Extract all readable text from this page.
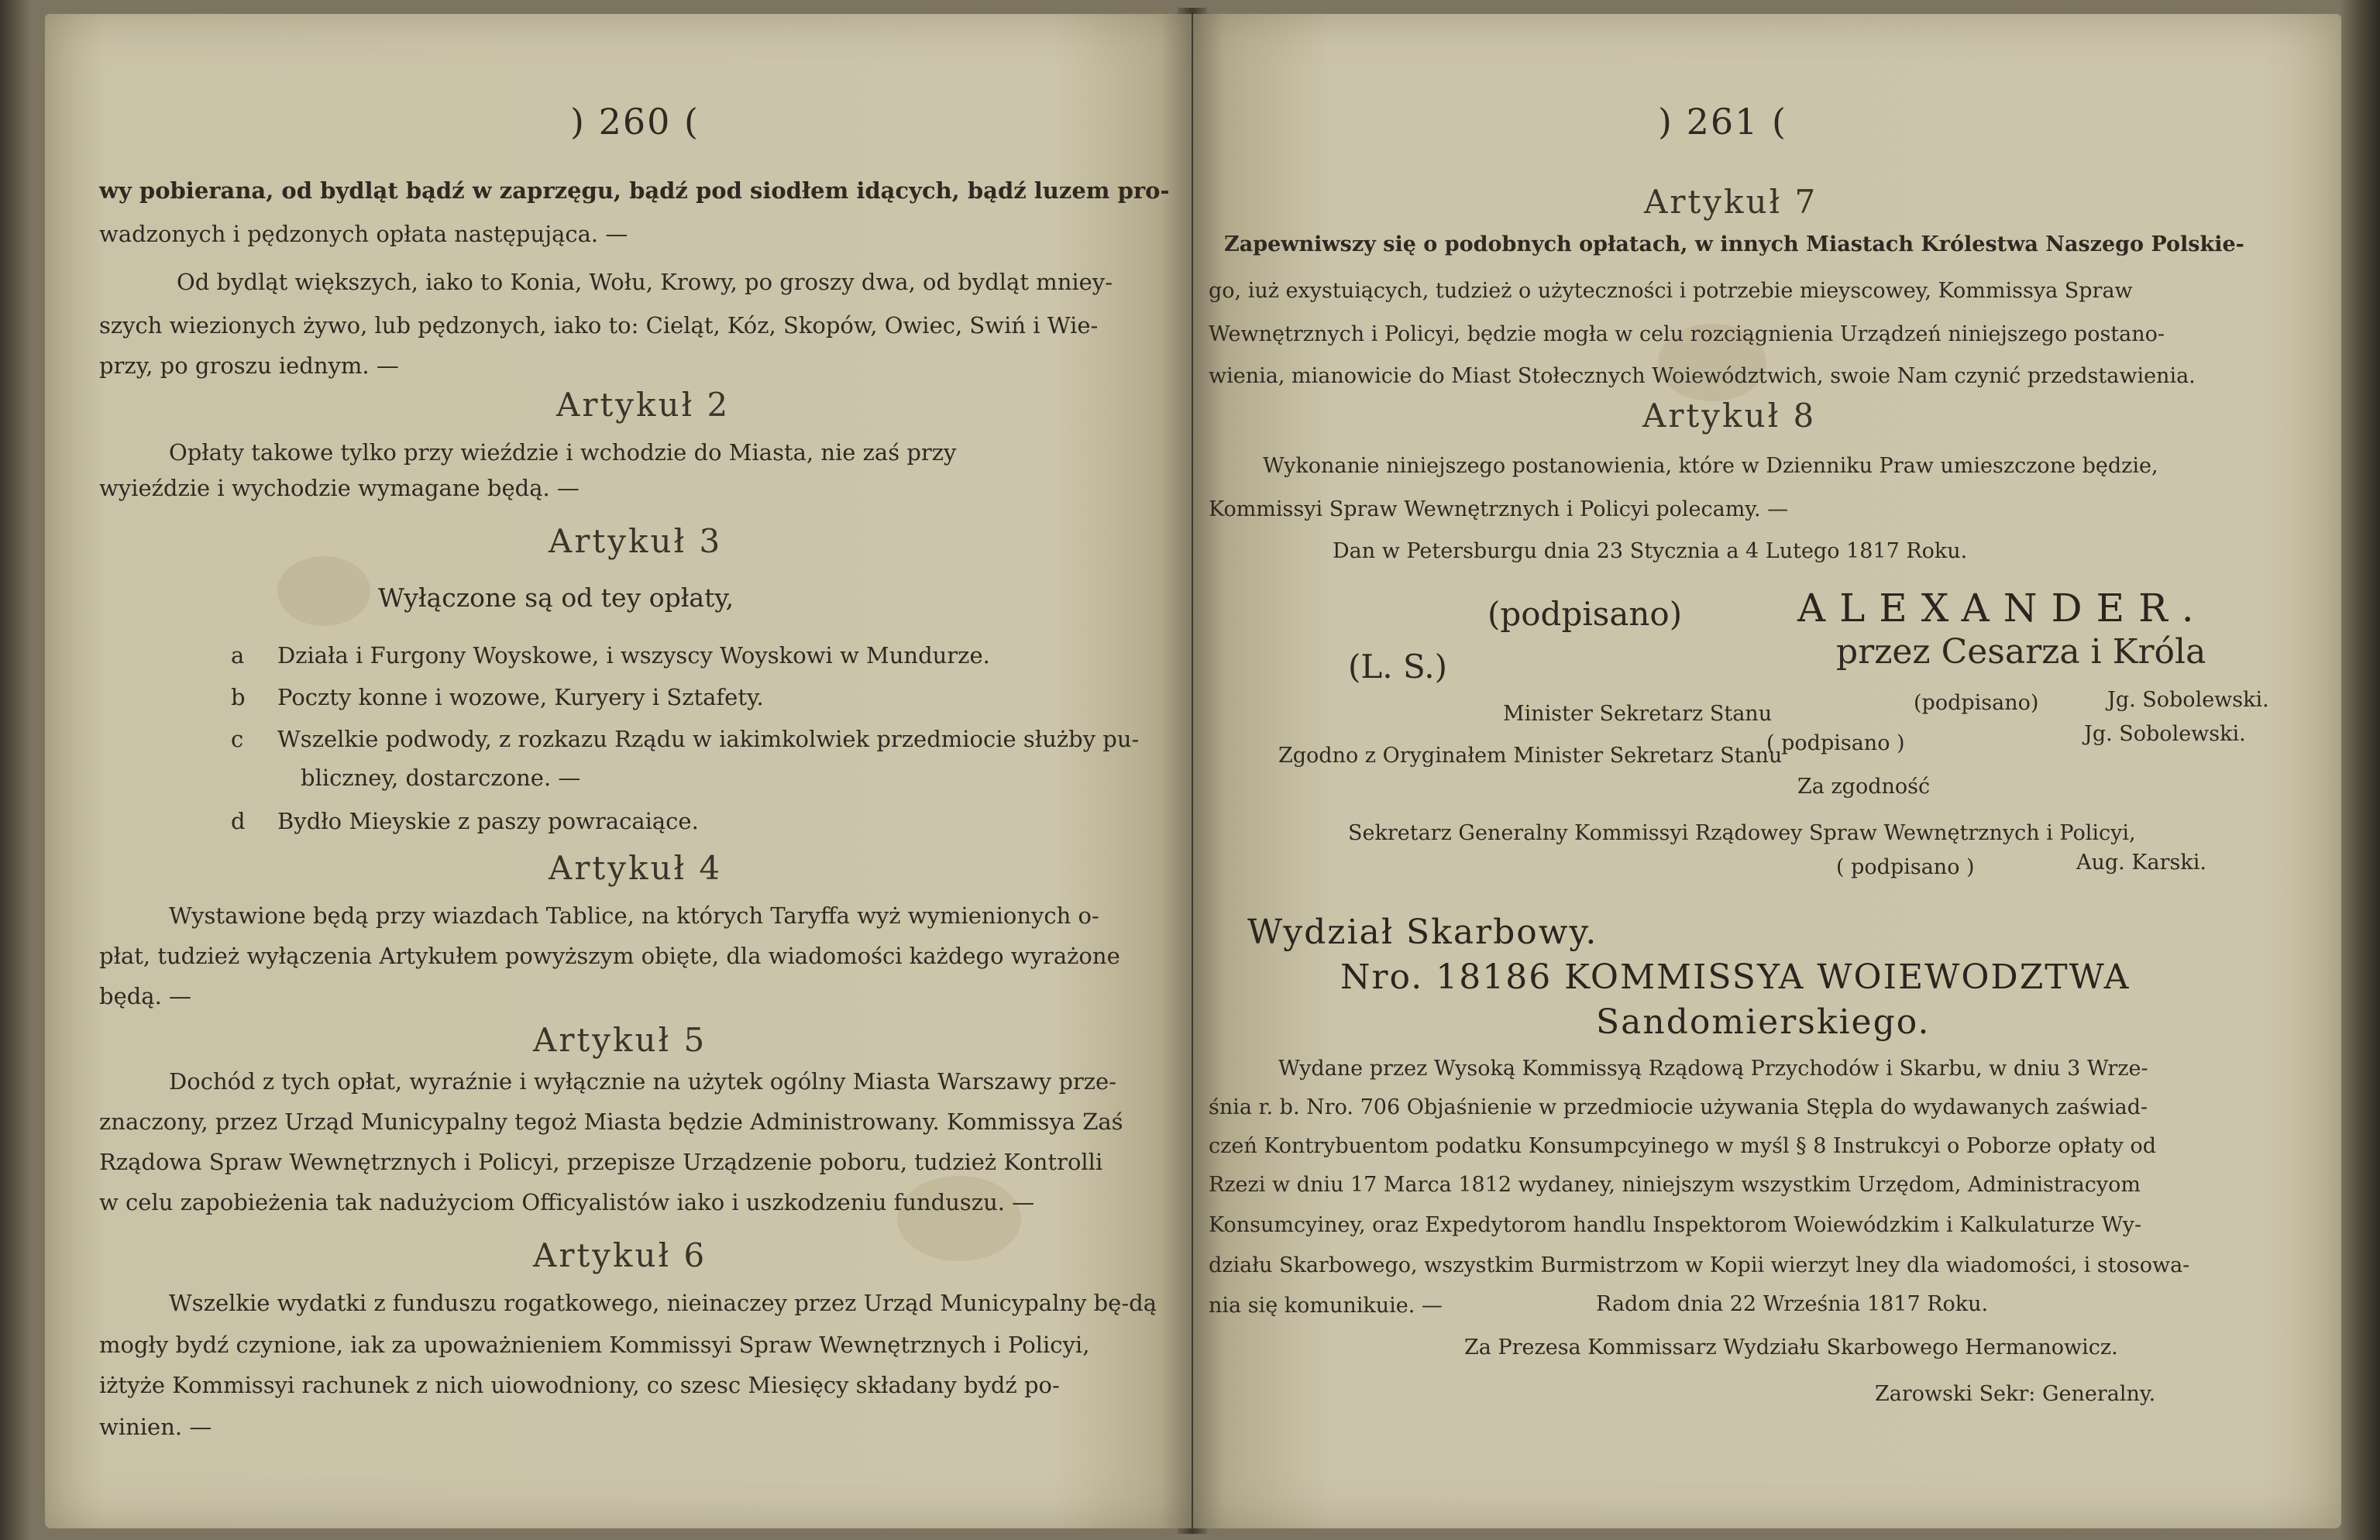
) 260 (
wy pobierana, od bydląt bądź w zaprzęgu, bądź pod siodłem idących, bądź luzem pro-
wadzonych i pędzonych opłata następująca. —
Od bydląt większych, iako to Konia, Wołu, Krowy, po groszy dwa, od bydląt mniey-
szych wiezionych żywo, lub pędzonych, iako to: Cieląt, Kóz, Skopów, Owiec, Swiń i Wie-
przy, po groszu iednym. —
Artykuł 2
Opłaty takowe tylko przy wieździe i wchodzie do Miasta, nie zaś przy
wyieździe i wychodzie wymagane będą. —
Artykuł 3
Wyłączone są od tey opłaty,
a Działa i Furgony Woyskowe, i wszyscy Woyskowi w Mundurze.
b Poczty konne i wozowe, Kuryery i Sztafety.
c Wszelkie podwody, z rozkazu Rządu w iakimkolwiek przedmiocie służby pu-
bliczney, dostarczone. —
d Bydło Mieyskie z paszy powracaiące.
Artykuł 4
Wystawione będą przy wiazdach Tablice, na których Taryffa wyż wymienionych o-
płat, tudzież wyłączenia Artykułem powyższym obięte, dla wiadomości każdego wyrażone
będą. —
Artykuł 5
Dochód z tych opłat, wyraźnie i wyłącznie na użytek ogólny Miasta Warszawy prze-
znaczony, przez Urząd Municypalny tegoż Miasta będzie Administrowany. Kommissya Zaś
Rządowa Spraw Wewnętrznych i Policyi, przepisze Urządzenie poboru, tudzież Kontrolli
w celu zapobieżenia tak nadużyciom Officyalistów iako i uszkodzeniu funduszu. —
Artykuł 6
Wszelkie wydatki z funduszu rogatkowego, nieinaczey przez Urząd Municypalny bę-dą
mogły bydź czynione, iak za upoważnieniem Kommissyi Spraw Wewnętrznych i Policyi,
iżtyże Kommissyi rachunek z nich uiowodniony, co szesc Miesięcy składany bydź po-
winien. —
) 261 (
Artykuł 7
Zapewniwszy się o podobnych opłatach, w innych Miastach Królestwa Naszego Polskie-
go, iuż exystuiących, tudzież o użyteczności i potrzebie mieyscowey, Kommissya Spraw
Wewnętrznych i Policyi, będzie mogła w celu rozciągnienia Urządzeń niniejszego postano-
wienia, mianowicie do Miast Stołecznych Woiewództwich, swoie Nam czynić przedstawienia.
Artykuł 8
Wykonanie niniejszego postanowienia, które w Dzienniku Praw umieszczone będzie,
Kommissyi Spraw Wewnętrznych i Policyi polecamy. —
Dan w Petersburgu dnia 23 Stycznia a 4 Lutego 1817 Roku.
(podpisano)	ALEXANDER.
(L. S.)	przez Cesarza i Króla
Minister Sekretarz Stanu	(podpisano)	Jg. Sobolewski.
Zgodno z Oryginałem Minister Sekretarz Stanu
( podpisano )	Jg. Sobolewski.
Za zgodność
Sekretarz Generalny Kommissyi Rządowey Spraw Wewnętrznych i Policyi,
( podpisano )	Aug. Karski.
Wydział Skarbowy.
Nro. 18186 KOMMISSYA WOIEWODZTWA
Sandomierskiego.
Wydane przez Wysoką Kommissyą Rządową Przychodów i Skarbu, w dniu 3 Wrze-
śnia r. b. Nro. 706 Objaśnienie w przedmiocie używania Stępla do wydawanych zaświad-
czeń Kontrybuentom podatku Konsumpcyinego w myśl § 8 Instrukcyi o Poborze opłaty od
Rzezi w dniu 17 Marca 1812 wydaney, niniejszym wszystkim Urzędom, Administracyom
Konsumcyiney, oraz Expedytorom handlu Inspektorom Woiewódzkim i Kalkulaturze Wy-
działu Skarbowego, wszystkim Burmistrzom w Kopii wierzyt lney dla wiadomości, i stosowa-
nia się komunikuie. —	Radom dnia 22 Września 1817 Roku.
Za Prezesa Kommissarz Wydziału Skarbowego Hermanowicz.
Zarowski Sekr: Generalny.
